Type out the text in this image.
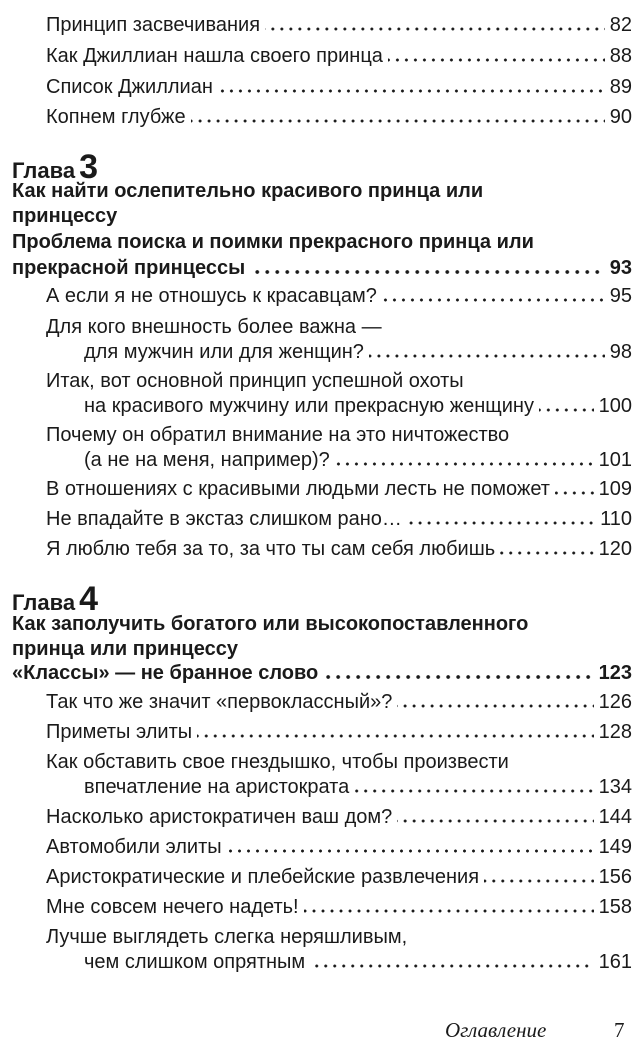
Принцип засвечивания	82
Как Джиллиан нашла своего принца	88
Список Джиллиан	89
Копнем глубже	90
Глава 3
Как найти ослепительно красивого принца или
принцессу
Проблема поиска и поимки прекрасного принца или
прекрасной принцессы	93
А если я не отношусь к красавцам?	95
Для кого внешность более важна —
для мужчин или для женщин?	98
Итак, вот основной принцип успешной охоты
на красивого мужчину или прекрасную женщину	100
Почему он обратил внимание на это ничтожество
(а не на меня, например)?	101
В отношениях с красивыми людьми лесть не поможет 109
Не впадайте в экстаз слишком рано…	110
Я люблю тебя за то, за что ты сам себя любишь	120
Глава 4
Как заполучить богатого или высокопоставленного
принца или принцессу
«Классы» — не бранное слово	123
Так что же значит «первоклассный»?	126
Приметы элиты	128
Как обставить свое гнездышко, чтобы произвести
впечатление на аристократа	134
Насколько аристократичен ваш дом?	144
Автомобили элиты	149
Аристократические и плебейские развлечения	156
Мне совсем нечего надеть!	158
Лучше выглядеть слегка неряшливым,
чем слишком опрятным	161
Оглавление	7
